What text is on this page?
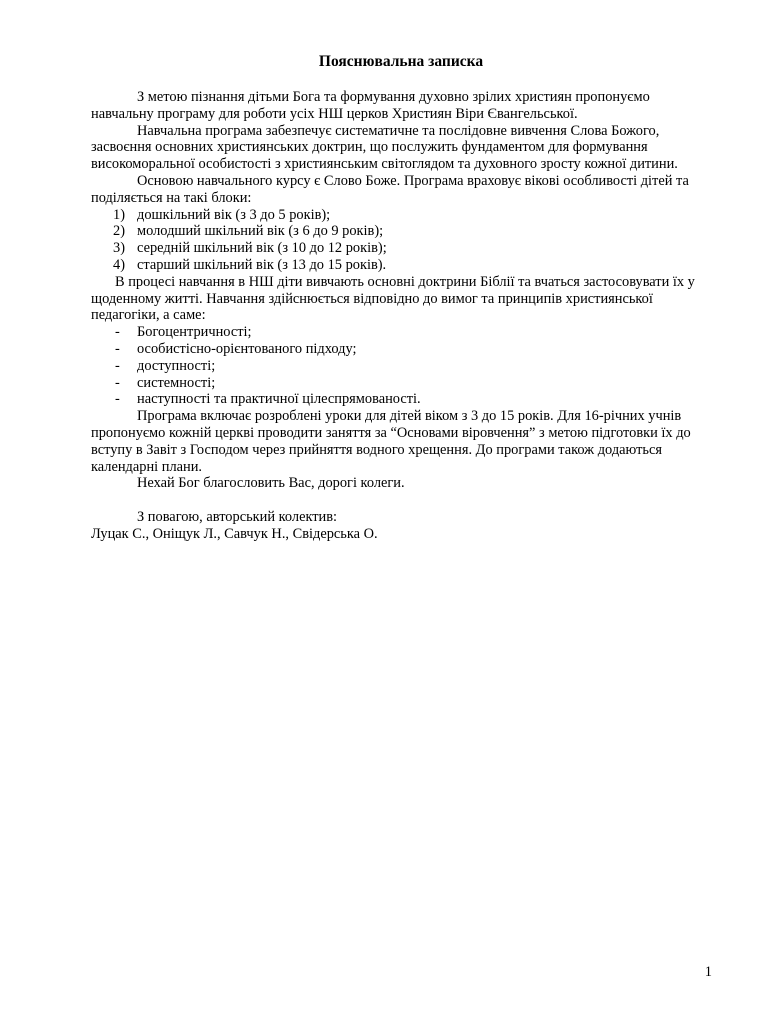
Пояснювальна записка

З метою пізнання дітьми Бога та формування духовно зрілих християн пропонуємо навчальну програму для роботи усіх НШ церков Християн Віри Євангельської.

Навчальна програма забезпечує систематичне та послідовне вивчення Слова Божого, засвоєння основних християнських доктрин, що послужить фундаментом для формування високоморальної особистості з християнським світоглядом та духовного зросту кожної дитини.

Основою навчального курсу є Слово Боже. Програма враховує вікові особливості дітей та поділяється на такі блоки:

1) дошкільний вік (з 3 до 5 років);
2) молодший шкільний вік (з 6 до 9 років);
3) середній шкільний вік (з 10 до 12 років);
4) старший шкільний вік (з 13 до 15 років).

В процесі навчання в НШ діти вивчають основні доктрини Біблії та вчаться застосовувати їх у щоденному житті. Навчання здійснюється відповідно до вимог та принципів християнської педагогіки, а саме:

- Богоцентричності;
- особистісно-орієнтованого підходу;
- доступності;
- системності;
- наступності та практичної цілеспрямованості.

Програма включає розроблені уроки для дітей віком з 3 до 15 років. Для 16-річних учнів пропонуємо кожній церкві проводити заняття за “Основами віровчення” з метою підготовки їх до вступу в Завіт з Господом через прийняття водного хрещення. До програми також додаються календарні плани.

Нехай Бог благословить Вас, дорогі колеги.

З повагою, авторський колектив:

Луцак С., Оніщук Л., Савчук Н., Свідерська О.

1
